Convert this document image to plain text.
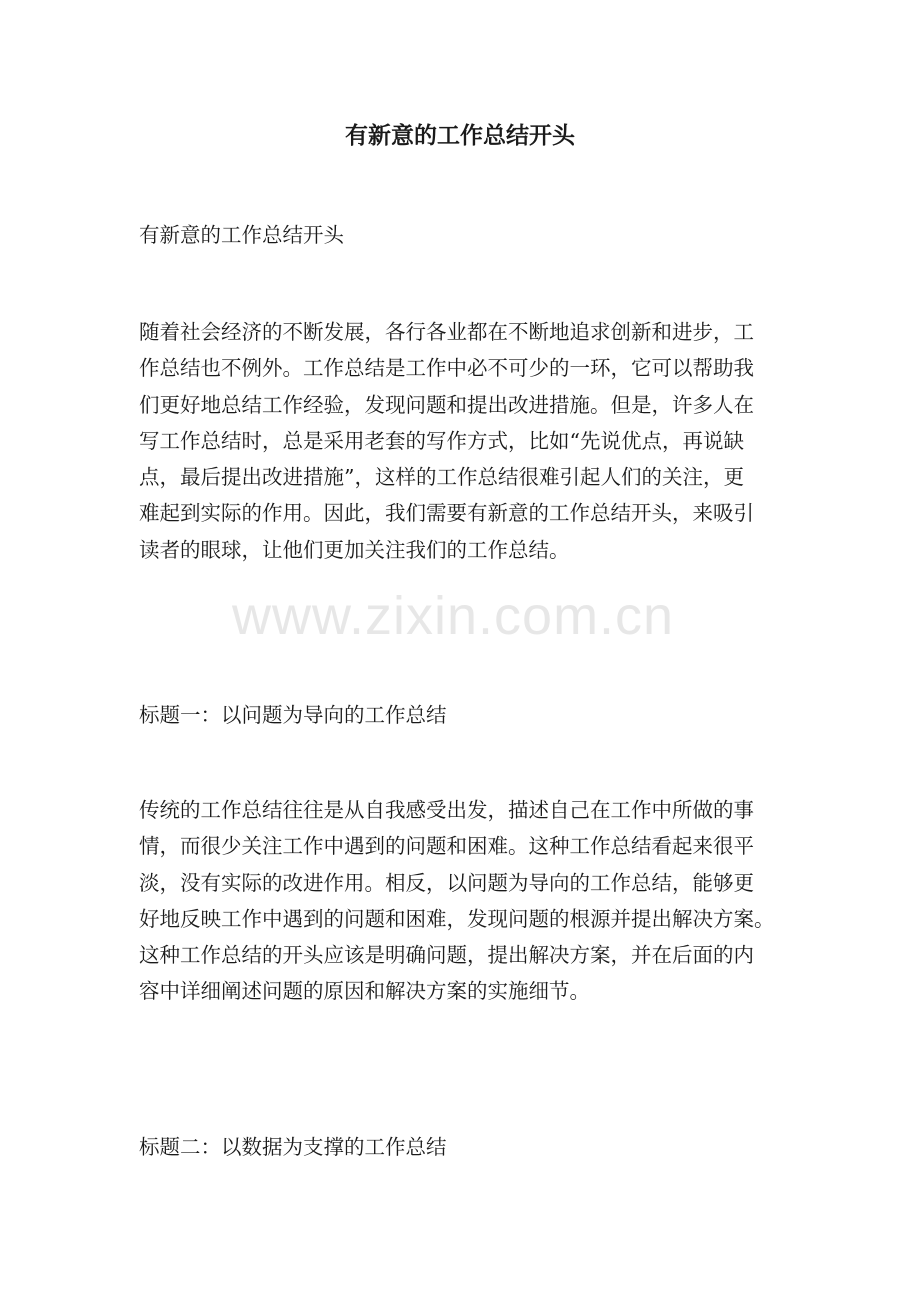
有新意的工作总结开头

有新意的工作总结开头

随着社会经济的不断发展，各行各业都在不断地追求创新和进步，工
作总结也不例外。工作总结是工作中必不可少的一环，它可以帮助我
们更好地总结工作经验，发现问题和提出改进措施。但是，许多人在
写工作总结时，总是采用老套的写作方式，比如“先说优点，再说缺
点，最后提出改进措施”，这样的工作总结很难引起人们的关注，更
难起到实际的作用。因此，我们需要有新意的工作总结开头，来吸引
读者的眼球，让他们更加关注我们的工作总结。

www.zixin.com.cn

标题一：以问题为导向的工作总结

传统的工作总结往往是从自我感受出发，描述自己在工作中所做的事
情，而很少关注工作中遇到的问题和困难。这种工作总结看起来很平
淡，没有实际的改进作用。相反，以问题为导向的工作总结，能够更
好地反映工作中遇到的问题和困难，发现问题的根源并提出解决方案。
这种工作总结的开头应该是明确问题，提出解决方案，并在后面的内
容中详细阐述问题的原因和解决方案的实施细节。

标题二：以数据为支撑的工作总结
